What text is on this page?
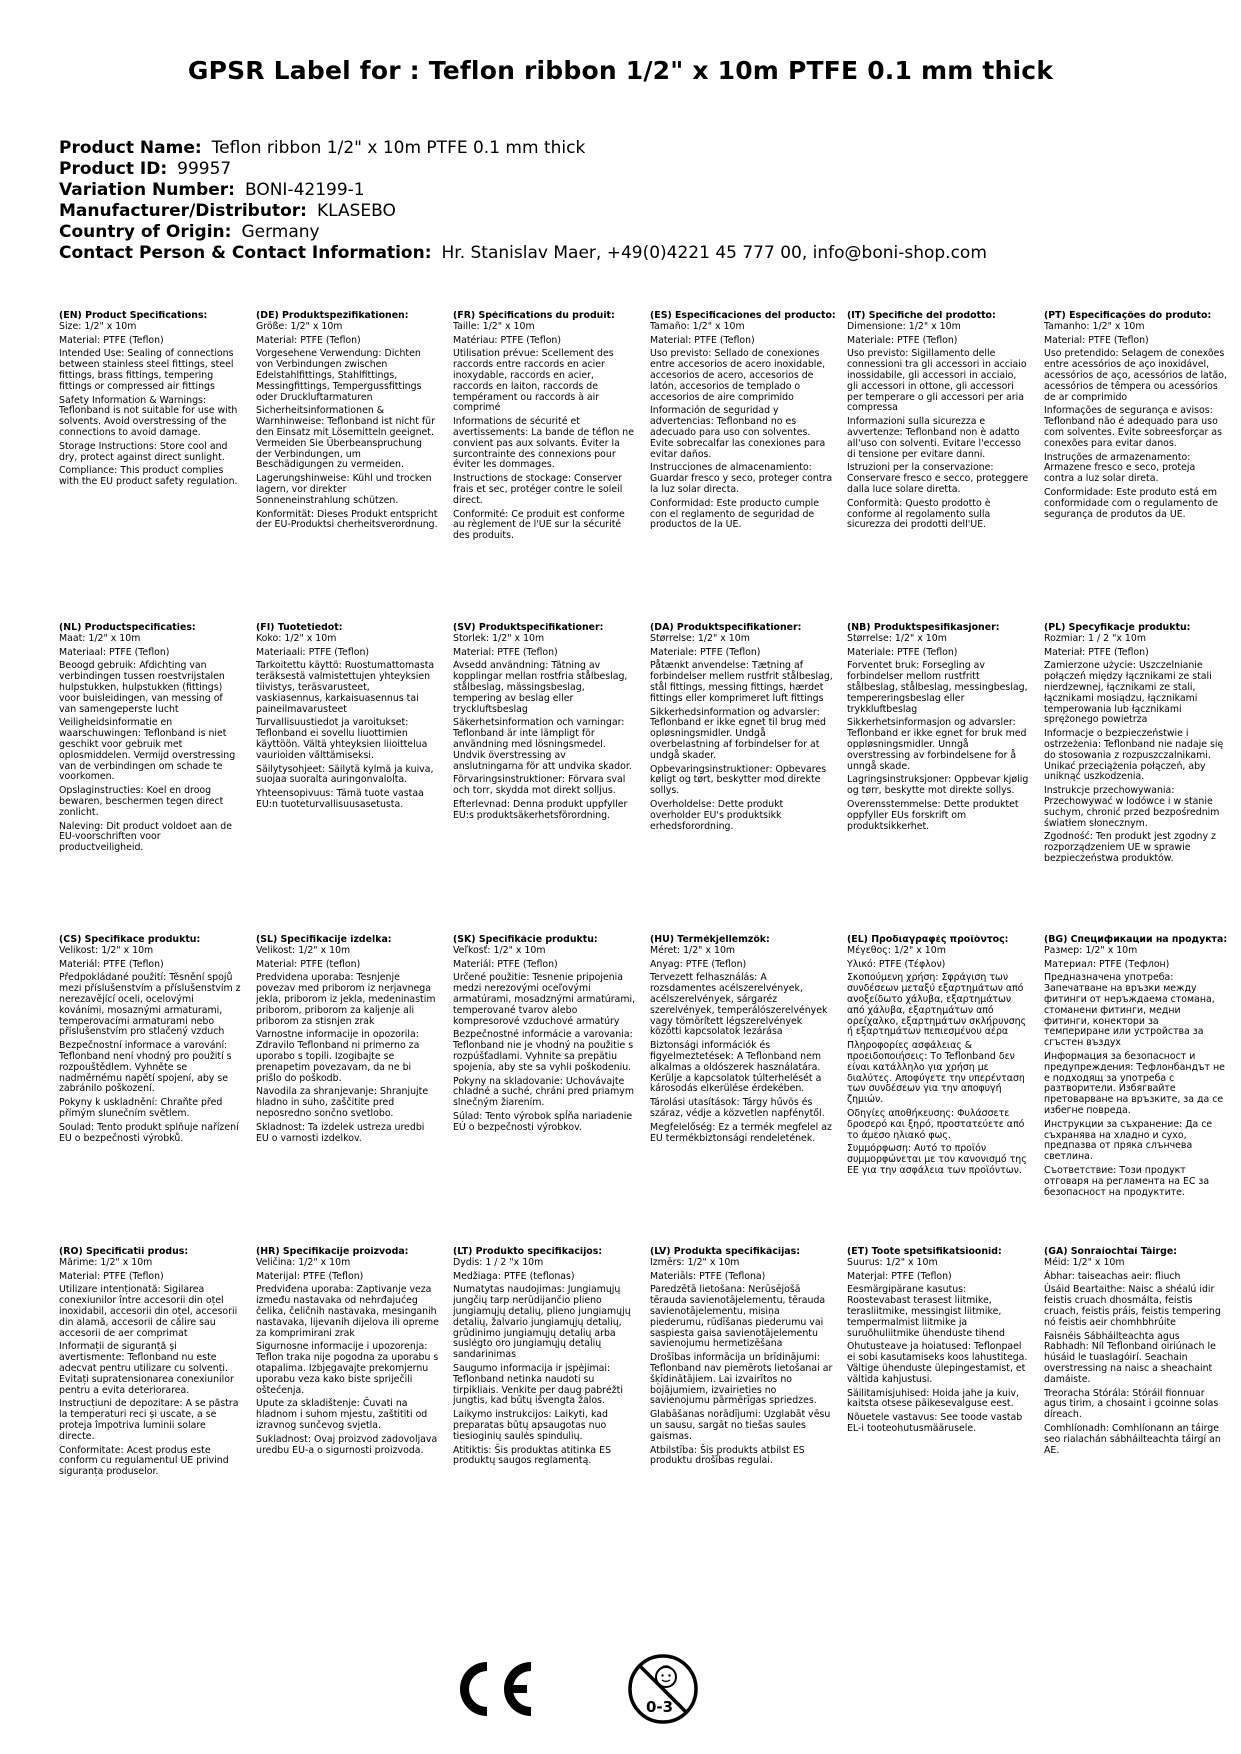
GPSR Label for : Teflon ribbon 1/2" x 10m PTFE 0.1 mm thick
Product Name: Teflon ribbon 1/2" x 10m PTFE 0.1 mm thick
Product ID: 99957
Variation Number: BONI-42199-1
Manufacturer/Distributor: KLASEBO
Country of Origin: Germany
Contact Person & Contact Information: Hr. Stanislav Maer, +49(0)4221 45 777 00, info@boni-shop.com
(EN) Product Specifications:
Size: 1/2" x 10m

Material: PTFE (Teflon)

Intended Use: Sealing of connections between stainless steel fittings, steel fittings, brass fittings, tempering fittings or compressed air fittings

Safety Information & Warnings: Teflonband is not suitable for use with solvents. Avoid overstressing of the connections to avoid damage.

Storage Instructions: Store cool and dry, protect against direct sunlight.

Compliance: This product complies with the EU product safety regulation.

(DE) Produktspezifikationen:
Größe: 1/2" x 10m

Material: PTFE (Teflon)

Vorgesehene Verwendung: Dichten von Verbindungen zwischen Edelstahlfittings, Stahlfittings, Messingfittings, Tempergussfittings oder Druckluftarmaturen

Sicherheitsinformationen & Warnhinweise: Teflonband ist nicht für den Einsatz mit Lösemitteln geeignet. Vermeiden Sie Überbeanspruchung der Verbindungen, um Beschädigungen zu vermeiden.

Lagerungshinweise: Kühl und trocken lagern, vor direkter Sonneneinstrahlung schützen.

Konformität: Dieses Produkt entspricht der EU-Produktsi cherheitsverordnung.

(FR) Spécifications du produit:
Taille: 1/2" x 10m

Matériau: PTFE (Teflon)

Utilisation prévue: Scellement des raccords entre raccords en acier inoxydable, raccords en acier, raccords en laiton, raccords de tempérament ou raccords à air comprimé

Informations de sécurité et avertissements: La bande de téflon ne convient pas aux solvants. Éviter la surcontrainte des connexions pour éviter les dommages.

Instructions de stockage: Conserver frais et sec, protéger contre le soleil direct.

Conformité: Ce produit est conforme au règlement de l'UE sur la sécurité des produits.

(ES) Especificaciones del producto:
Tamaño: 1/2" x 10m

Material: PTFE (Teflon)

Uso previsto: Sellado de conexiones entre accesorios de acero inoxidable, accesorios de acero, accesorios de latón, accesorios de templado o accesorios de aire comprimido

Información de seguridad y advertencias: Teflonband no es adecuado para uso con solventes. Evite sobrecalfar las conexiones para evitar daños.

Instrucciones de almacenamiento: Guardar fresco y seco, proteger contra la luz solar directa.

Conformidad: Este producto cumple con el reglamento de seguridad de productos de la UE.

(IT) Specifiche del prodotto:
Dimensione: 1/2" x 10m

Materiale: PTFE (Teflon)

Uso previsto: Sigillamento delle connessioni tra gli accessori in acciaio inossidabile, gli accessori in acciaio, gli accessori in ottone, gli accessori per temperare o gli accessori per aria compressa

Informazioni sulla sicurezza e avvertenze: Teflonband non è adatto all'uso con solventi. Evitare l'eccesso di tensione per evitare danni.

Istruzioni per la conservazione: Conservare fresco e secco, proteggere dalla luce solare diretta.

Conformità: Questo prodotto è conforme al regolamento sulla sicurezza dei prodotti dell'UE.

(PT) Especificações do produto:
Tamanho: 1/2" x 10m

Material: PTFE (Teflon)

Uso pretendido: Selagem de conexões entre acessórios de aço inoxidável, acessórios de aço, acessórios de latão, acessórios de têmpera ou acessórios de ar comprimido

Informações de segurança e avisos: Teflonband não é adequado para uso com solventes. Evite sobreesforçar as conexões para evitar danos.

Instruções de armazenamento: Armazene fresco e seco, proteja contra a luz solar direta.

Conformidade: Este produto está em conformidade com o regulamento de segurança de produtos da UE.

(NL) Productspecificaties:
Maat: 1/2" x 10m

Materiaal: PTFE (Teflon)

Beoogd gebruik: Afdichting van verbindingen tussen roestvrijstalen hulpstukken, hulpstukken (fittings) voor buisleidingen, van messing of van samengeperste lucht

Veiligheidsinformatie en waarschuwingen: Teflonband is niet geschikt voor gebruik met oplosmiddelen. Vermijd overstressing van de verbindingen om schade te voorkomen.

Opslaginstructies: Koel en droog bewaren, beschermen tegen direct zonlicht.

Naleving: Dit product voldoet aan de EU-voorschriften voor productveiligheid.

(FI) Tuotetiedot:
Koko: 1/2" x 10m

Materiaali: PTFE (Teflon)

Tarkoitettu käyttö: Ruostumattomasta teräksestä valmistettujen yhteyksien tiivistys, teräsvarusteet, vaskiasennus, karkaisuasennus tai paineilmavarusteet

Turvallisuustiedot ja varoitukset: Teflonband ei sovellu liuottimien käyttöön. Vältä yhteyksien liioittelua vaurioiden välttämiseksi.

Säilytysohjeet: Säilytä kylmä ja kuiva, suojaa suoralta auringonvalolta.

Yhteensopivuus: Tämä tuote vastaa EU:n tuoteturvallisuusasetusta.

(SV) Produktspecifikationer:
Storlek: 1/2" x 10m

Material: PTFE (Teflon)

Avsedd användning: Tätning av kopplingar mellan rostfria stålbeslag, stålbeslag, mässingsbeslag, tempering av beslag eller tryckluftsbeslag

Säkerhetsinformation och varningar: Teflonband är inte lämpligt för användning med lösningsmedel. Undvik överstressing av anslutningarna för att undvika skador.

Förvaringsinstruktioner: Förvara sval och torr, skydda mot direkt solljus.

Efterlevnad: Denna produkt uppfyller EU:s produktsäkerhetsförordning.

(DA) Produktspecifikationer:
Størrelse: 1/2" x 10m

Materiale: PTFE (Teflon)

Påtænkt anvendelse: Tætning af forbindelser mellem rustfrit stålbeslag, stål fittings, messing fittings, hærdet fittings eller komprimeret luft fittings

Sikkerhedsinformation og advarsler: Teflonband er ikke egnet til brug med opløsningsmidler. Undgå overbelastning af forbindelser for at undgå skader.

Opbevaringsinstruktioner: Opbevares køligt og tørt, beskytter mod direkte sollys.

Overholdelse: Dette produkt overholder EU's produktsikk erhedsforordning.

(NB) Produktspesifikasjoner:
Størrelse: 1/2" x 10m

Materiale: PTFE (Teflon)

Forventet bruk: Forsegling av forbindelser mellom rustfritt stålbeslag, stålbeslag, messingbeslag, tempereringsbeslag eller trykkluftbeslag

Sikkerhetsinformasjon og advarsler: Teflonband er ikke egnet for bruk med oppløsningsmidler. Unngå overstressing av forbindelsene for å unngå skade.

Lagringsinstruksjoner: Oppbevar kjølig og tørr, beskytte mot direkte sollys.

Overensstemmelse: Dette produktet oppfyller EUs forskrift om produktsikkerhet.

(PL) Specyfikacje produktu:
Rozmiar: 1 / 2 "x 10m

Materiał: PTFE (Teflon)

Zamierzone użycie: Uszczelnianie połączeń między łącznikami ze stali nierdzewnej, łącznikami ze stali, łącznikami mosiądzu, łącznikami temperowania lub łącznikami sprężonego powietrza

Informacje o bezpieczeństwie i ostrzeżenia: Teflonband nie nadaje się do stosowania z rozpuszczalnikami. Unikać przeciążenia połączeń, aby uniknąć uszkodzenia.

Instrukcje przechowywania: Przechowywać w lodówce i w stanie suchym, chronić przed bezpośrednim światłem słonecznym.

Zgodność: Ten produkt jest zgodny z rozporządzeniem UE w sprawie bezpieczeństwa produktów.

(CS) Specifikace produktu:
Velikost: 1/2" x 10m

Materiál: PTFE (Teflon)

Předpokládané použití: Těsnění spojů mezi příslušenstvím a příslušenstvím z nerezavějící oceli, ocelovými kováními, mosaznými armaturami, temperovacími armaturami nebo příslušenstvím pro stlačený vzduch

Bezpečnostní informace a varování: Teflonband není vhodný pro použití s rozpouštědlem. Vyhněte se nadměrnému napětí spojení, aby se zabránilo poškození.

Pokyny k uskladnění: Chraňte před přímým slunečním světlem.

Soulad: Tento produkt splňuje nařízení EU o bezpečnosti výrobků.

(SL) Specifikacije izdelka:
Velikost: 1/2" x 10m

Material: PTFE (teflon)

Predvidena uporaba: Tesnjenje povezav med priborom iz nerjavnega jekla, priborom iz jekla, medeninastim priborom, priborom za kaljenje ali priborom za stisnjen zrak

Varnostne informacije in opozorila: Zdravilo Teflonband ni primerno za uporabo s topili. Izogibajte se prenapetim povezavam, da ne bi prišlo do poškodb.

Navodila za shranjevanje: Shranjujte hladno in suho, zaščitite pred neposredno sončno svetlobo.

Skladnost: Ta izdelek ustreza uredbi EU o varnosti izdelkov.

(SK) Špecifikácie produktu:
Veľkosť: 1/2" x 10m

Materiál: PTFE (Teflon)

Určené použitie: Tesnenie pripojenia medzi nerezovými oceľovými armatúrami, mosadznými armatúrami, temperované tvarov alebo kompresorové vzduchové armatúry

Bezpečnostné informácie a varovania: Teflonband nie je vhodný na použitie s rozpúšťadlami. Vyhnite sa prepätiu spojenia, aby ste sa vyhli poškodeniu.

Pokyny na skladovanie: Uchovávajte chladné a suché, chráni pred priamym slnečným žiarením.

Súlad: Tento výrobok spĺňa nariadenie EÚ o bezpečnosti výrobkov.

(HU) Termékjellemzők:
Méret: 1/2" x 10m

Anyag: PTFE (Teflon)

Tervezett felhasználás: A rozsdamentes acélszerelvények, acélszerelvények, sárgaréz szerelvények, temperálószerelvények vagy tömörített légszerelvények közötti kapcsolatok lezárása

Biztonsági információk és figyelmeztetések: A Teflonband nem alkalmas a oldószerek használatára. Kerülje a kapcsolatok túlterhelését a károsodás elkerülése érdekében.

Tárolási utasítások: Tárgy hűvös és száraz, védje a közvetlen napfénytől.

Megfelelőség: Ez a termék megfelel az EU termékbiztonsági rendeletének.

(EL) Προδιαγραφές προϊόντος:
Μέγεθος: 1/2" x 10m

Υλικό: PTFE (Τέφλον)

Σκοπούμενη χρήση: Σφράγιση των συνδέσεων μεταξύ εξαρτημάτων από ανοξείδωτο χάλυβα, εξαρτημάτων από χάλυβα, εξαρτημάτων από ορείχαλκο, εξαρτημάτων σκλήρυνσης ή εξαρτημάτων πεπιεσμένου αέρα

Πληροφορίες ασφάλειας & προειδοποιήσεις: Το Teflonband δεν είναι κατάλληλο για χρήση με διαλύτες. Αποφύγετε την υπερένταση των συνδέσεων για την αποφυγή ζημιών.

Οδηγίες αποθήκευσης: Φυλάσσετε δροσερό και ξηρό, προστατεύετε από το άμεσο ηλιακό φως.

Συμμόρφωση: Αυτό το προϊόν συμμορφώνεται με τον κανονισμό της ΕΕ για την ασφάλεια των προϊόντων.

(BG) Спецификации на продукта:
Размер: 1/2" x 10m

Материал: PTFE (Тефлон)

Предназначена употреба: Запечатване на връзки между фитинги от неръждаема стомана, стоманени фитинги, медни фитинги, конектори за темпериране или устройства за сгъстен въздух

Информация за безопасност и предупреждения: Тефлонбандът не е подходящ за употреба с разтворители. Избягвайте претоварване на връзките, за да се избегне повреда.

Инструкции за съхранение: Да се съхранява на хладно и сухо, предпазва от пряка слънчева светлина.

Съответствие: Този продукт отговаря на регламента на ЕС за безопасност на продуктите.

(RO) Specificatii produs:
Mărime: 1/2" x 10m

Material: PTFE (Teflon)

Utilizare intenționată: Sigilarea conexiunilor între accesorii din oțel inoxidabil, accesorii din oțel, accesorii din alamă, accesorii de călire sau accesorii de aer comprimat

Informații de siguranță și avertismente: Teflonband nu este adecvat pentru utilizare cu solvenți. Evitați supratensionarea conexiunilor pentru a evita deteriorarea.

Instrucțiuni de depozitare: A se păstra la temperaturi reci și uscate, a se proteja împotriva luminii solare directe.

Conformitate: Acest produs este conform cu regulamentul UE privind siguranța produselor.

(HR) Specifikacije proizvoda:
Veličina: 1/2" x 10m

Materijal: PTFE (Teflon)

Predviđena uporaba: Zaptivanje veza između nastavaka od nehrđajućeg čelika, čeličnih nastavaka, mesinganih nastavaka, lijevanih dijelova ili opreme za komprimirani zrak

Sigurnosne informacije i upozorenja: Teflon traka nije pogodna za uporabu s otapalima. Izbjegavajte prekomjernu uporabu veza kako biste spriječili oštećenja.

Upute za skladištenje: Čuvati na hladnom i suhom mjestu, zaštititi od izravnog sunčevog svjetla.

Sukladnost: Ovaj proizvod zadovoljava uredbu EU-a o sigurnosti proizvoda.

(LT) Produkto specifikacijos:
Dydis: 1 / 2 "x 10m

Medžiaga: PTFE (teflonas)

Numatytas naudojimas: Jungiamųjų jungčių tarp nerūdijančio plieno jungiamųjų detalių, plieno jungiamųjų detalių, žalvario jungiamųjų detalių, grūdinimo jungiamųjų detalių arba suslėgto oro jungiamųjų detalių sandarinimas

Saugumo informacija ir įspėjimai: Teflonband netinka naudoti su tirpikliais. Venkite per daug pabrėžti jungtis, kad būtų išvengta žalos.

Laikymo instrukcijos: Laikyti, kad preparatas būtų apsaugotas nuo tiesioginių saulės spindulių.

Atitiktis: Šis produktas atitinka ES produktų saugos reglamentą.

(LV) Produkta specifikācijas:
Izmērs: 1/2" x 10m

Materiāls: PTFE (Teflona)

Paredzētā lietošana: Nerūsējošā tērauda savienotājelementu, tērauda savienotājelementu, misiņa piederumu, rūdīšanas piederumu vai saspiesta gaisa savienotājelementu savienojumu hermetizēšana

Drošības informācija un brīdinājumi: Teflonband nav piemērots lietošanai ar šķīdinātājiem. Lai izvairītos no bojājumiem, izvairieties no savienojumu pārmērīgas spriedzes.

Glabāšanas norādījumi: Uzglabāt vēsu un sausu, sargāt no tiešas saules gaismas.

Atbilstība: Šis produkts atbilst ES produktu drošības regulai.

(ET) Toote spetsifikatsioonid:
Suurus: 1/2" x 10m

Materjal: PTFE (Teflon)

Eesmärgipärane kasutus: Roostevabast terasest liitmike, terasliitmike, messingist liitmike, tempermalmist liitmike ja suruõhuliitmike ühenduste tihend

Ohutusteave ja hoiatused: Teflonpael ei sobi kasutamiseks koos lahustitega. Vältige ühenduste ülepingestamist, et vältida kahjustusi.

Säilitamisjuhised: Hoida jahe ja kuiv, kaitsta otsese päikesevalguse eest.

Nõuetele vastavus: See toode vastab EL-i tooteohutusmäärusele.

(GA) Sonraíochtaí Táirge:
Méid: 1/2" x 10m

Ábhar: taiseachas aeir: fliuch

Úsáid Beartaithe: Naisc a shéalú idir feistis cruach dhosmálta, feistis cruach, feistis práis, feistis tempering nó feistis aeir chomhbhrúite

Faisnéis Sábháilteachta agus Rabhadh: Níl Teflonband oiriúnach le húsáid le tuaslagóirí. Seachain overstressing na naisc a sheachaint damáiste.

Treoracha Stórála: Stóráil fionnuar agus tirim, a chosaint i gcoinne solas díreach.

Comhlíonadh: Comhlíonann an táirge seo rialachán sábháilteachta táirgí an AE.

0-3
